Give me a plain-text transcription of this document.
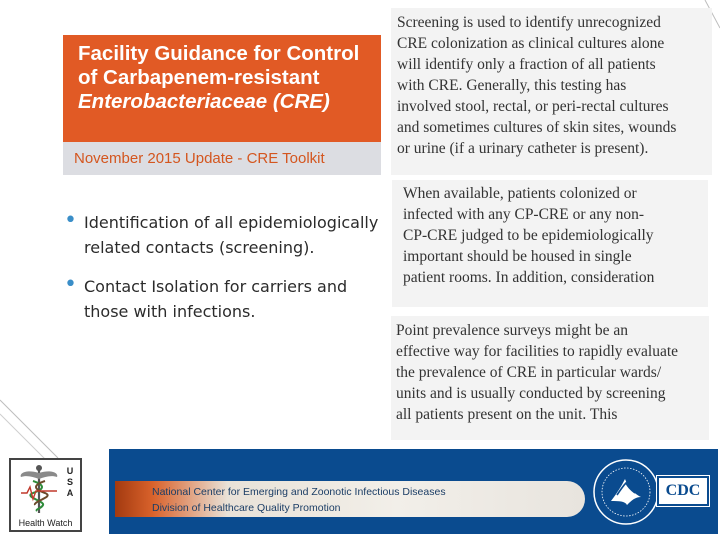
Facility Guidance for Control
of Carbapenem-resistant
Enterobacteriaceae (CRE)
November 2015 Update - CRE Toolkit
• Identification of all epidemiologically related contacts (screening).
• Contact Isolation for carriers and those with infections.
Screening is used to identify unrecognized
CRE colonization as clinical cultures alone
will identify only a fraction of all patients
with CRE. Generally, this testing has
involved stool, rectal, or peri-rectal cultures
and sometimes cultures of skin sites, wounds
or urine (if a urinary catheter is present).
When available, patients colonized or
infected with any CP-CRE or any non-
CP-CRE judged to be epidemiologically
important should be housed in single
patient rooms. In addition, consideration
Point prevalence surveys might be an
effective way for facilities to rapidly evaluate
the prevalence of CRE in particular wards/
units and is usually conducted by screening
all patients present on the unit. This
U
S
A
Health Watch
National Center for Emerging and Zoonotic Infectious Diseases
Division of Healthcare Quality Promotion
CDC
